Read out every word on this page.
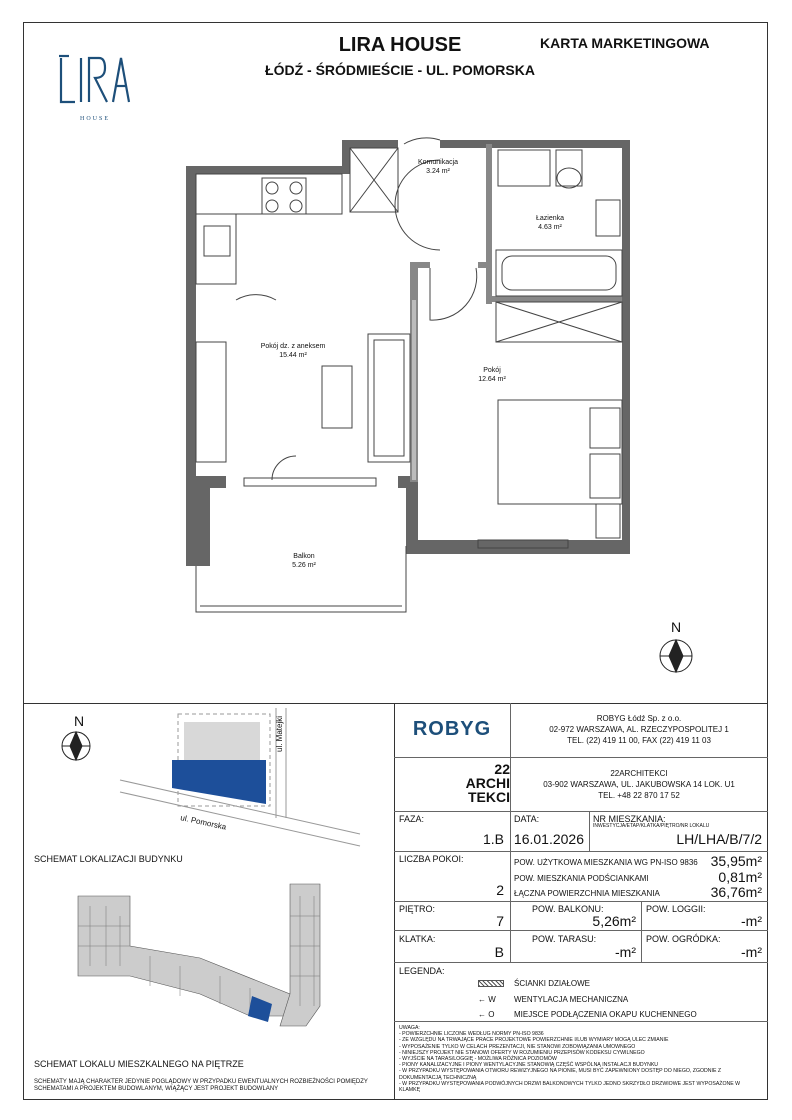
HOUSE
LIRA HOUSE
ŁÓDŹ - ŚRÓDMIEŚCIE - UL. POMORSKA
KARTA MARKETINGOWA
N
Komunikacja
3.24 m²
Łazienka
4.63 m²
Pokój dz. z aneksem
15.44 m²
Pokój
12.64 m²
Balkon
5.26 m²
ul. Matejki
ul. Pomorska
N
SCHEMAT LOKALIZACJI BUDYNKU
SCHEMAT LOKALU MIESZKALNEGO NA PIĘTRZE
SCHEMATY MAJĄ CHARAKTER JEDYNIE POGLĄDOWY W PRZYPADKU EWENTUALNYCH ROZBIEŻNOŚCI POMIĘDZY SCHEMATAMI A PROJEKTEM BUDOWLANYM, WIĄŻĄCY JEST PROJEKT BUDOWLANY
ROBYG	ROBYG Łódź Sp. z o.o.
02-972 WARSZAWA, AL. RZECZYPOSPOLITEJ 1
TEL. (22) 419 11 00, FAX (22) 419 11 03
22
ARCHI
TEKCI
22ARCHITEKCI
03-902 WARSZAWA, UL. JAKUBOWSKA 14 LOK. U1
TEL. +48 22 870 17 52
FAZA:
1.B
DATA:
16.01.2026
NR MIESZKANIA:
INWESTYCJA/ETAP/KLATKA/PIĘTRO/NR LOKALU
LH/LHA/B/7/2
LICZBA POKOI:
2
POW. UŻYTKOWA MIESZKANIA WG PN-ISO 9836 35,95m²
POW. MIESZKANIA PODŚCIANKAMI	0,81m²
ŁĄCZNA POWIERZCHNIA MIESZKANIA	36,76m²
PIĘTRO:
7
POW. BALKONU:
5,26m²
POW. LOGGII:
-m²
KLATKA:
B
POW. TARASU:
-m²
POW. OGRÓDKA:
-m²
LEGENDA:
ŚCIANKI DZIAŁOWE
← W WENTYLACJA MECHANICZNA
← O MIEJSCE PODŁĄCZENIA OKAPU KUCHENNEGO
UWAGA:
- POWIERZCHNIE LICZONE WEDŁUG NORMY PN-ISO 9836
- ZE WZGLĘDU NA TRWAJĄCE PRACE PROJEKTOWE POWIERZCHNIE I/LUB WYMIARY MOGĄ ULEC ZMIANIE
- WYPOSAŻENIE TYLKO W CELACH PREZENTACJI, NIE STANOWI ZOBOWIĄZANIA UMOWNEGO
- NINIEJSZY PROJEKT NIE STANOWI OFERTY W ROZUMIENIU PRZEPISÓW KODEKSU CYWILNEGO
- WYJŚCIE NA TARAS/LOGGIĘ - MOŻLIWA RÓŻNICA POZIOMÓW
- PIONY KANALIZACYJNE I PIONY WENTYLACYJNE STANOWIĄ CZĘŚĆ WSPÓLNĄ INSTALACJI BUDYNKU
- W PRZYPADKU WYSTĘPOWANIA OTWORU REWIZYJNEGO NA PIONIE, MUSI BYĆ ZAPEWNIONY DOSTĘP DO NIEGO, ZGODNIE Z DOKUMENTACJĄ TECHNICZNĄ
- W PRZYPADKU WYSTĘPOWANIA PODWÓJNYCH DRZWI BALKONOWYCH TYLKO JEDNO SKRZYDŁO DRZWIOWE JEST WYPOSAŻONE W KLAMKĘ
